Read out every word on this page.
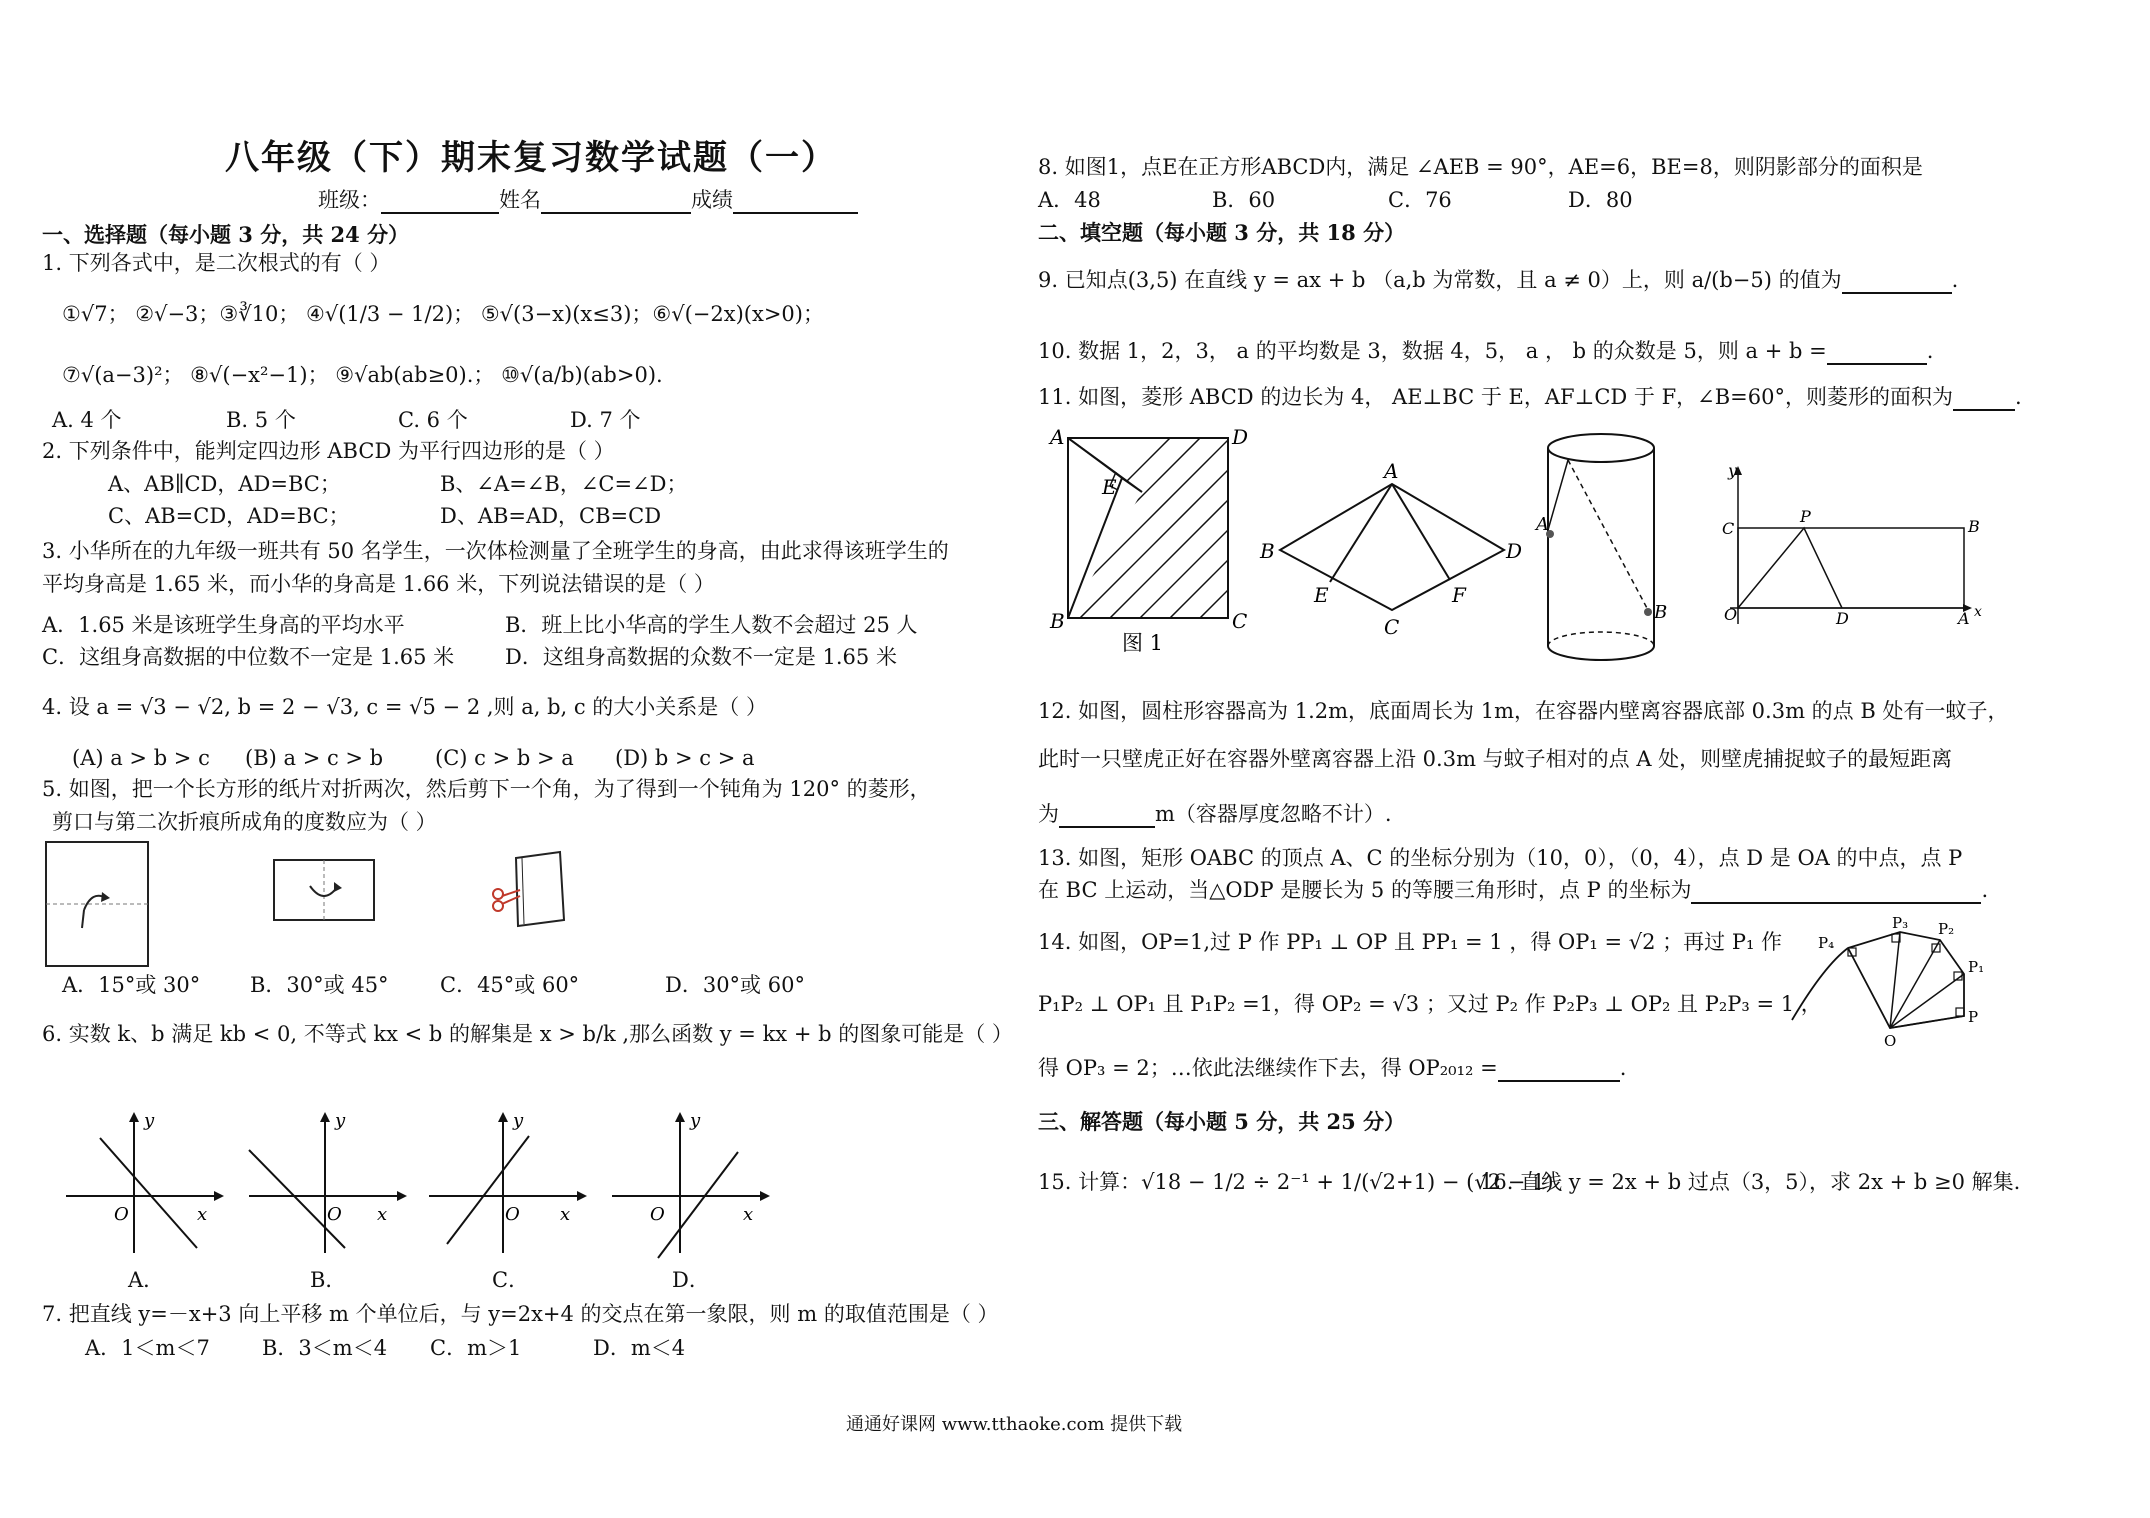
八年级（下）期末复习数学试题（一）
班级：	姓名	成绩
一、选择题（每小题 3 分，共 24 分）
1. 下列各式中，是二次根式的有（ ）
①√7； ②√−3；③∛10； ④√(1/3 − 1/2)； ⑤√(3−x)(x≤3)；⑥√(−2x)(x>0)；
⑦√(a−3)²； ⑧√(−x²−1)； ⑨√ab(ab≥0).； ⑩√(a/b)(ab>0).
A. 4 个	B. 5 个	C. 6 个	D. 7 个
2. 下列条件中，能判定四边形 ABCD 为平行四边形的是（ ）
A、AB∥CD，AD=BC；	B、∠A=∠B，∠C=∠D；
C、AB=CD，AD=BC；	D、AB=AD，CB=CD
3. 小华所在的九年级一班共有 50 名学生，一次体检测量了全班学生的身高，由此求得该班学生的
平均身高是 1.65 米，而小华的身高是 1.66 米，下列说法错误的是（ ）
A．1.65 米是该班学生身高的平均水平	B．班上比小华高的学生人数不会超过 25 人
C．这组身高数据的中位数不一定是 1.65 米 D．这组身高数据的众数不一定是 1.65 米
4. 设 a = √3 − √2, b = 2 − √3, c = √5 − 2 ,则 a, b, c 的大小关系是（ ）
(A) a > b > c (B) a > c > b (C) c > b > a (D) b > c > a
5. 如图，把一个长方形的纸片对折两次，然后剪下一个角，为了得到一个钝角为 120° 的菱形，
剪口与第二次折痕所成角的度数应为（ ）
A．15°或 30° B．30°或 45° C．45°或 60°	D．30°或 60°
6. 实数 k、b 满足 kb < 0, 不等式 kx < b 的解集是 x > b/k ,那么函数 y = kx + b 的图象可能是（ ）
y
O	x
y
O x
y
O x
y
O	x
A．	B．	C．	D．
7. 把直线 y=－x+3 向上平移 m 个单位后，与 y=2x+4 的交点在第一象限，则 m 的取值范围是（ ）
A．1＜m＜7 B．3＜m＜4 C．m＞1	D．m＜4
8. 如图1，点E在正方形ABCD内，满足 ∠AEB = 90°，AE=6，BE=8，则阴影部分的面积是
A．48	B．60	C．76	D．80
二、填空题（每小题 3 分，共 18 分）
9. 已知点(3,5) 在直线 y = ax + b （a,b 为常数，且 a ≠ 0）上，则 a/(b−5) 的值为	.
10. 数据 1，2，3， a 的平均数是 3，数据 4，5， a ， b 的众数是 5，则 a + b =	.
11. 如图，菱形 ABCD 的边长为 4， AE⊥BC 于 E，AF⊥CD 于 F，∠B=60°，则菱形的面积为	.
A	D
B	C
E
图 1
A
B	D
E
C
F
A
B
y
P
B
C
O	D	A x
12. 如图，圆柱形容器高为 1.2m，底面周长为 1m，在容器内壁离容器底部 0.3m 的点 B 处有一蚊子，
此时一只壁虎正好在容器外壁离容器上沿 0.3m 与蚊子相对的点 A 处，则壁虎捕捉蚊子的最短距离
为	m（容器厚度忽略不计）.
13. 如图，矩形 OABC 的顶点 A、C 的坐标分别为（10，0），（0，4），点 D 是 OA 的中点，点 P
在 BC 上运动，当△ODP 是腰长为 5 的等腰三角形时，点 P 的坐标为	.
14. 如图，OP=1,过 P 作 PP₁ ⊥ OP 且 PP₁ = 1 ，得 OP₁ = √2 ；再过 P₁ 作
P₁P₂ ⊥ OP₁ 且 P₁P₂ =1，得 OP₂ = √3 ；又过 P₂ 作 P₂P₃ ⊥ OP₂ 且 P₂P₃ = 1 ，
得 OP₃ = 2；…依此法继续作下去，得 OP₂₀₁₂ =	.
P₄
P₃ P₂
P₁
P
O
三、解答题（每小题 5 分，共 25 分）
15. 计算：√18 − 1/2 ÷ 2⁻¹ + 1/(√2+1) − (√2 − 1)
16. 直线 y = 2x + b 过点（3，5），求 2x + b ≥0 解集.
通通好课网 www.tthaoke.com 提供下载
